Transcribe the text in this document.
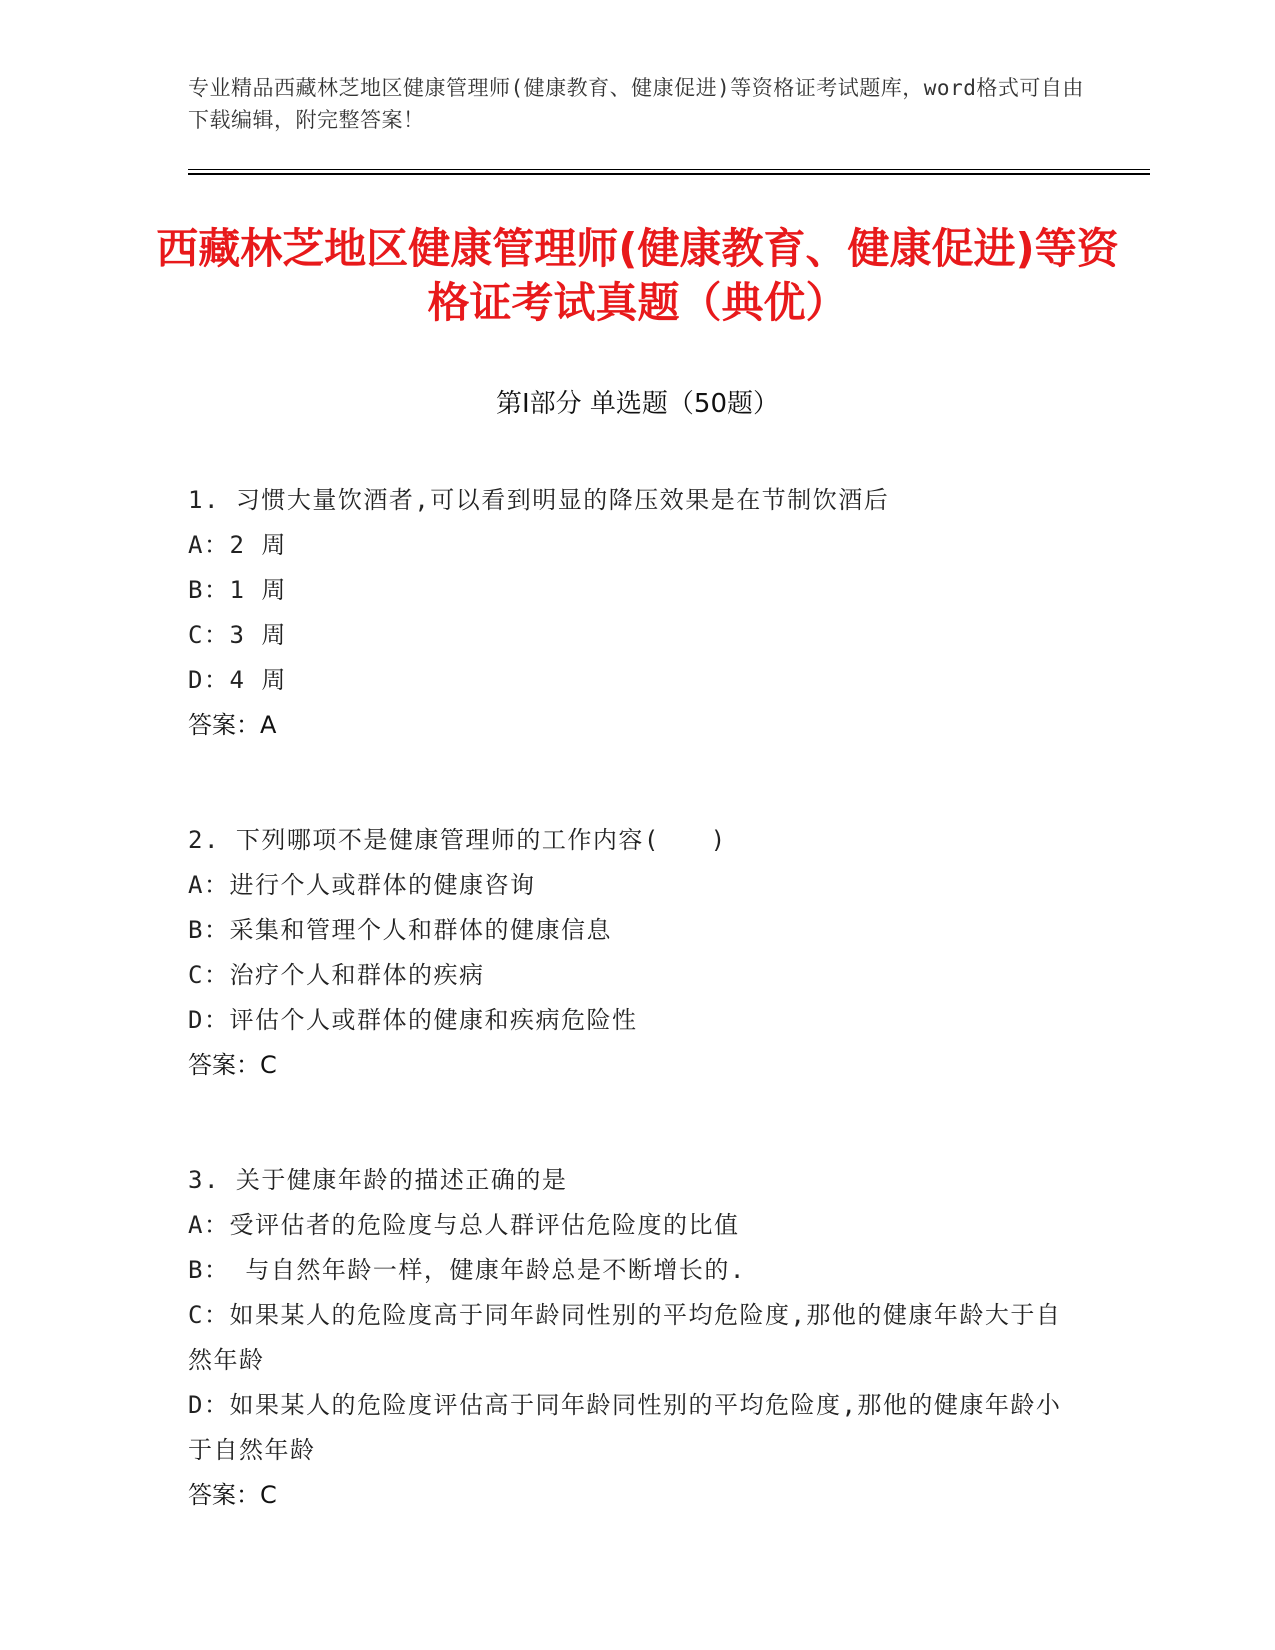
专业精品西藏林芝地区健康管理师(健康教育、健康促进)等资格证考试题库，word格式可自由下载编辑，附完整答案！
西藏林芝地区健康管理师(健康教育、健康促进)等资格证考试真题（典优）
第Ⅰ部分 单选题（50题）
1. 习惯大量饮酒者,可以看到明显的降压效果是在节制饮酒后
A：2 周
B：1 周
C：3 周
D：4 周
答案：A
2. 下列哪项不是健康管理师的工作内容(　　)
A：进行个人或群体的健康咨询
B：采集和管理个人和群体的健康信息
C：治疗个人和群体的疾病
D：评估个人或群体的健康和疾病危险性
答案：C
3. 关于健康年龄的描述正确的是
A：受评估者的危险度与总人群评估危险度的比值
B： 与自然年龄一样，健康年龄总是不断增长的.
C：如果某人的危险度高于同年龄同性别的平均危险度,那他的健康年龄大于自然年龄
D：如果某人的危险度评估高于同年龄同性别的平均危险度,那他的健康年龄小于自然年龄
答案：C
